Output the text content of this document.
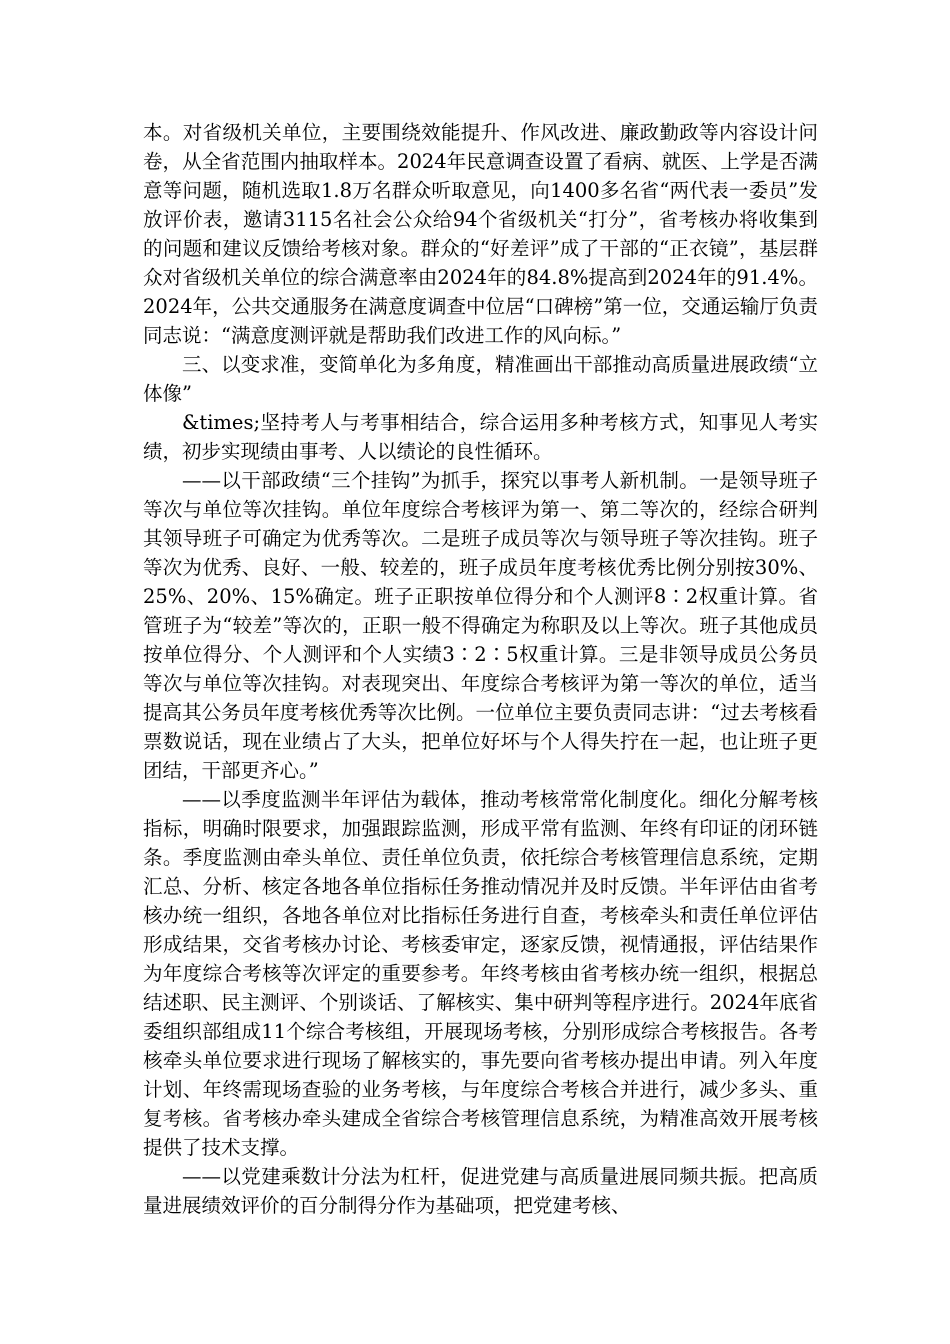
本。对省级机关单位，主要围绕效能提升、作风改进、廉政勤政等内容设计问卷，从全省范围内抽取样本。2024年民意调查设置了看病、就医、上学是否满意等问题，随机选取1.8万名群众听取意见，向1400多名省“两代表一委员”发放评价表，邀请3115名社会公众给94个省级机关“打分”，省考核办将收集到的问题和建议反馈给考核对象。群众的“好差评”成了干部的“正衣镜”，基层群众对省级机关单位的综合满意率由2024年的84.8%提高到2024年的91.4%。2024年，公共交通服务在满意度调查中位居“口碑榜”第一位，交通运输厅负责同志说：“满意度测评就是帮助我们改进工作的风向标。”

三、以变求准，变简单化为多角度，精准画出干部推动高质量进展政绩“立体像”

&times;坚持考人与考事相结合，综合运用多种考核方式，知事见人考实绩，初步实现绩由事考、人以绩论的良性循环。

——以干部政绩“三个挂钩”为抓手，探究以事考人新机制。一是领导班子等次与单位等次挂钩。单位年度综合考核评为第一、第二等次的，经综合研判其领导班子可确定为优秀等次。二是班子成员等次与领导班子等次挂钩。班子等次为优秀、良好、一般、较差的，班子成员年度考核优秀比例分别按30%、25%、20%、15%确定。班子正职按单位得分和个人测评8∶2权重计算。省管班子为“较差”等次的，正职一般不得确定为称职及以上等次。班子其他成员按单位得分、个人测评和个人实绩3∶2∶5权重计算。三是非领导成员公务员等次与单位等次挂钩。对表现突出、年度综合考核评为第一等次的单位，适当提高其公务员年度考核优秀等次比例。一位单位主要负责同志讲：“过去考核看票数说话，现在业绩占了大头，把单位好坏与个人得失拧在一起，也让班子更团结，干部更齐心。”

——以季度监测半年评估为载体，推动考核常常化制度化。细化分解考核指标，明确时限要求，加强跟踪监测，形成平常有监测、年终有印证的闭环链条。季度监测由牵头单位、责任单位负责，依托综合考核管理信息系统，定期汇总、分析、核定各地各单位指标任务推动情况并及时反馈。半年评估由省考核办统一组织，各地各单位对比指标任务进行自查，考核牵头和责任单位评估形成结果，交省考核办讨论、考核委审定，逐家反馈，视情通报，评估结果作为年度综合考核等次评定的重要参考。年终考核由省考核办统一组织，根据总结述职、民主测评、个别谈话、了解核实、集中研判等程序进行。2024年底省委组织部组成11个综合考核组，开展现场考核，分别形成综合考核报告。各考核牵头单位要求进行现场了解核实的，事先要向省考核办提出申请。列入年度计划、年终需现场查验的业务考核，与年度综合考核合并进行，减少多头、重复考核。省考核办牵头建成全省综合考核管理信息系统，为精准高效开展考核提供了技术支撑。

——以党建乘数计分法为杠杆，促进党建与高质量进展同频共振。把高质量进展绩效评价的百分制得分作为基础项，把党建考核、
